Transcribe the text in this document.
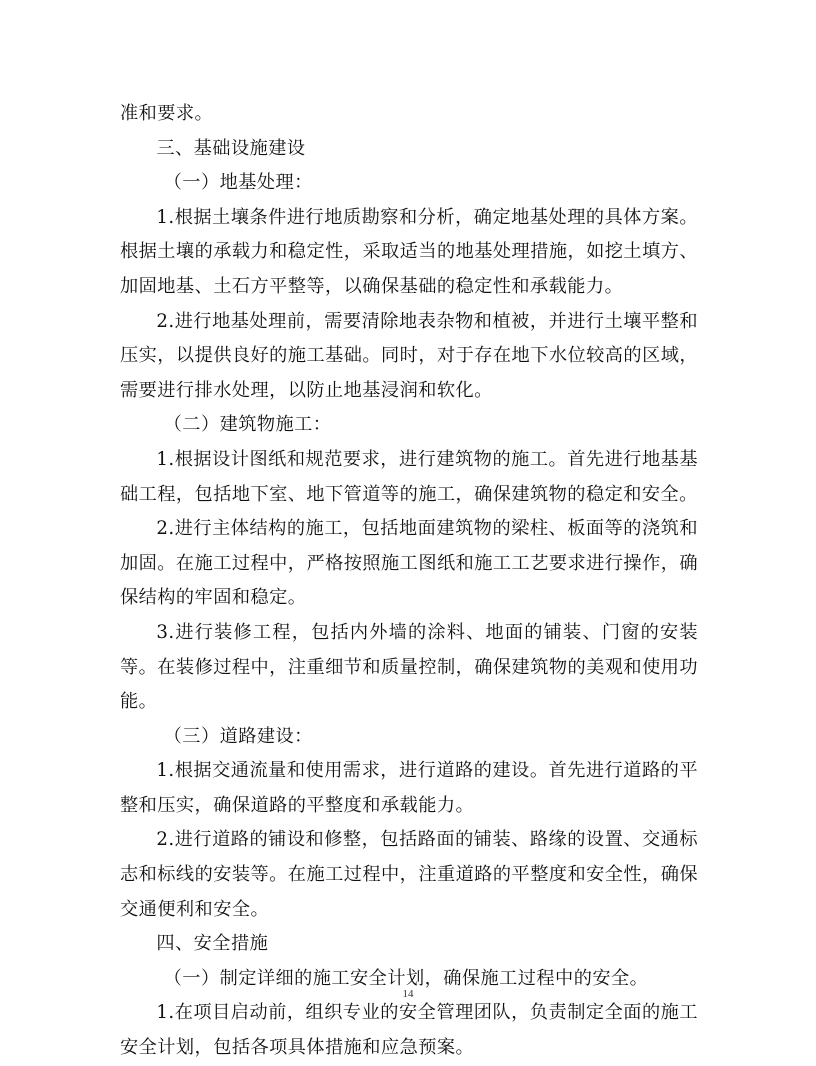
准和要求。

三、基础设施建设

（一）地基处理：

1.根据土壤条件进行地质勘察和分析，确定地基处理的具体方案。根据土壤的承载力和稳定性，采取适当的地基处理措施，如挖土填方、加固地基、土石方平整等，以确保基础的稳定性和承载能力。

2.进行地基处理前，需要清除地表杂物和植被，并进行土壤平整和压实，以提供良好的施工基础。同时，对于存在地下水位较高的区域，需要进行排水处理，以防止地基浸润和软化。

（二）建筑物施工：

1.根据设计图纸和规范要求，进行建筑物的施工。首先进行地基基础工程，包括地下室、地下管道等的施工，确保建筑物的稳定和安全。

2.进行主体结构的施工，包括地面建筑物的梁柱、板面等的浇筑和加固。在施工过程中，严格按照施工图纸和施工工艺要求进行操作，确保结构的牢固和稳定。

3.进行装修工程，包括内外墙的涂料、地面的铺装、门窗的安装等。在装修过程中，注重细节和质量控制，确保建筑物的美观和使用功能。

（三）道路建设：

1.根据交通流量和使用需求，进行道路的建设。首先进行道路的平整和压实，确保道路的平整度和承载能力。

2.进行道路的铺设和修整，包括路面的铺装、路缘的设置、交通标志和标线的安装等。在施工过程中，注重道路的平整度和安全性，确保交通便利和安全。

四、安全措施

（一）制定详细的施工安全计划，确保施工过程中的安全。

1.在项目启动前，组织专业的安全管理团队，负责制定全面的施工安全计划，包括各项具体措施和应急预案。

14
